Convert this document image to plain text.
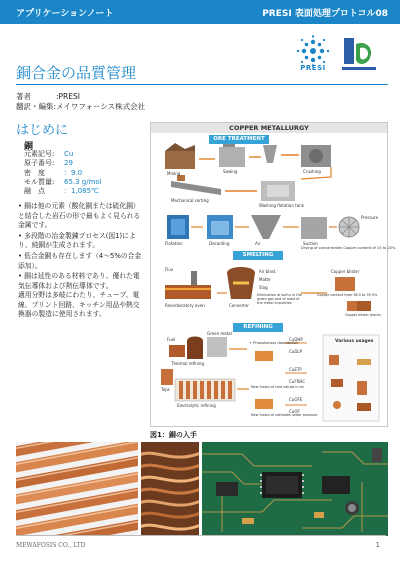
アプリケーションノート	PRESI 表面処理プロトコル08
PRESI
銅合金の品質管理
著者	:PRESI
翻訳・編集:メイワフォーシス株式会社
はじめに
銅
元素記号: Cu
原子番号: 29
密　度	：9.0
モル質量: 65.3 g/mol
融　点	：1,085℃
• 銅は他の元素（酸化銅または硫化銅）と結合した岩石の形で最もよく見られる金属です。
• 多段階の冶金製錬プロセス(図1)により、純銅が生成されます。
• 低合金銅も存在します（4～5%の合金添加）。
• 銅は延性のある材料であり、優れた電気伝導体および熱伝導体です。
適用分野は多岐にわたり、チューブ、電線、プリント回路、キッチン用品や熱交換器の製造に使用されます。
COPPER METALLURGY
ORE TREATMENT
SMELTING
REFINING
Mining	Sawing	Crushing
Mechanical sorting
Washing flotation tank
Flotation	Decanting	Air	Suction
Pressure
Drying of concentrates Copper content of 15 to 20%
Flux
Reverberatory oven	Converter
Air blast
Matte
Slag
Elimination of sulfur in the green gas and of most of the metal impurities
Copper blister
Copper content from 98.5 to 99.5%
Copper blister blocks
Fuel
Green metal
Thermal refining
+ Phosphorous deoxidation
Electrolytic refining
Tops	New fusion of cast values in air
New fusion of cathodes under pressure
Various usages
CuDHP
CuDLP
CuETP
CuFRHC
CuOFE
CuOF
図1：銅の入手
MEWAFOSIS CO., LTD	1
